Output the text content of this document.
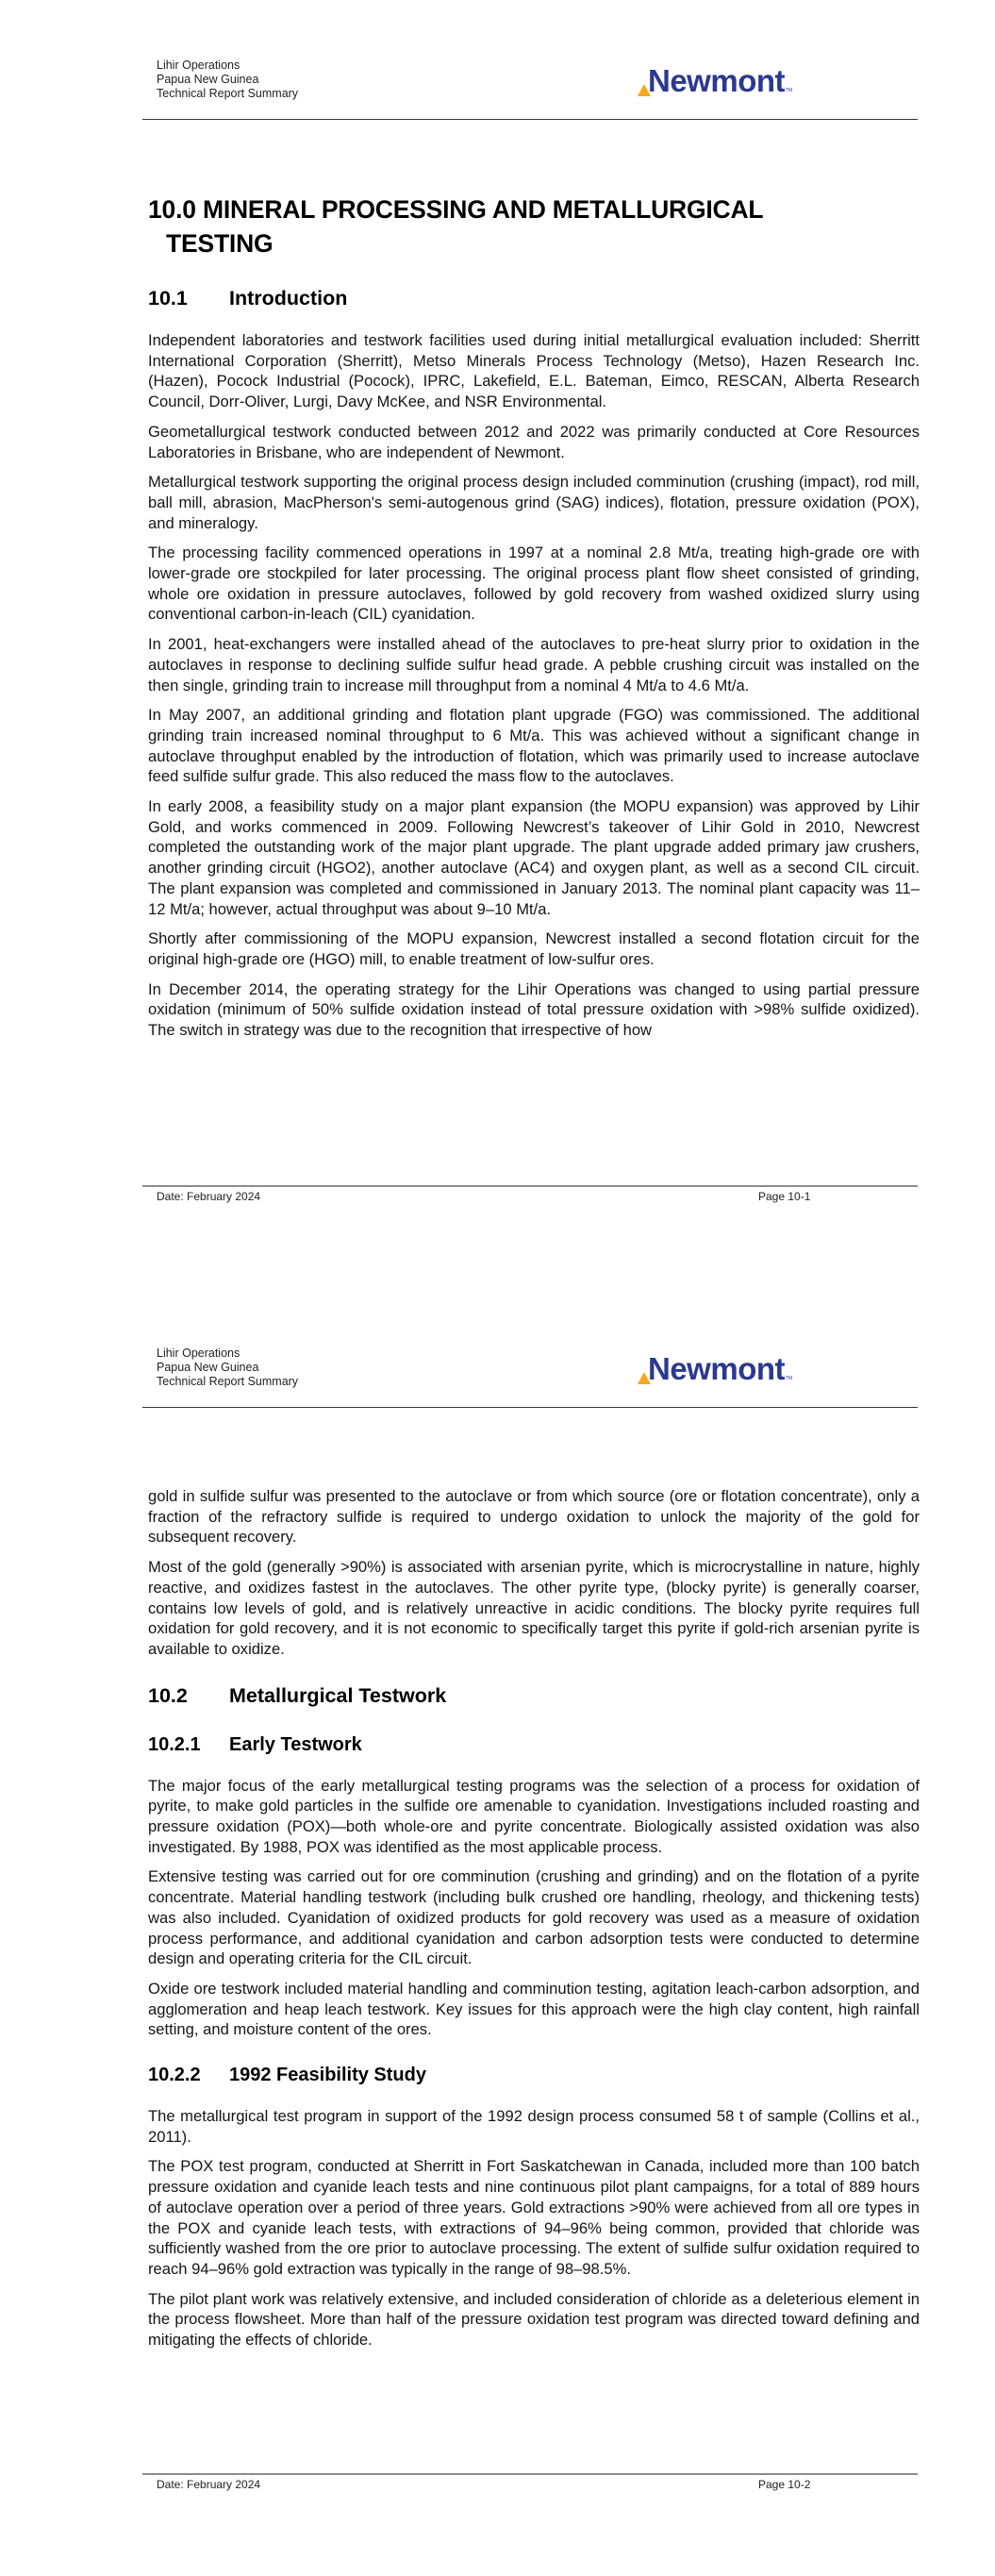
Lihir Operations
Papua New Guinea
Technical Report Summary	Newmont TM
10.0 MINERAL PROCESSING AND METALLURGICAL
TESTING
10.1 Introduction

Independent laboratories and testwork facilities used during initial metallurgical evaluation included: Sherritt International Corporation (Sherritt), Metso Minerals Process Technology (Metso), Hazen Research Inc. (Hazen), Pocock Industrial (Pocock), IPRC, Lakefield, E.L. Bateman, Eimco, RESCAN, Alberta Research Council, Dorr-Oliver, Lurgi, Davy McKee, and NSR Environmental.

Geometallurgical testwork conducted between 2012 and 2022 was primarily conducted at Core Resources Laboratories in Brisbane, who are independent of Newmont.

Metallurgical testwork supporting the original process design included comminution (crushing (impact), rod mill, ball mill, abrasion, MacPherson's semi-autogenous grind (SAG) indices), flotation, pressure oxidation (POX), and mineralogy.

The processing facility commenced operations in 1997 at a nominal 2.8 Mt/a, treating high-grade ore with lower-grade ore stockpiled for later processing. The original process plant flow sheet consisted of grinding, whole ore oxidation in pressure autoclaves, followed by gold recovery from washed oxidized slurry using conventional carbon-in-leach (CIL) cyanidation.

In 2001, heat-exchangers were installed ahead of the autoclaves to pre-heat slurry prior to oxidation in the autoclaves in response to declining sulfide sulfur head grade. A pebble crushing circuit was installed on the then single, grinding train to increase mill throughput from a nominal 4 Mt/a to 4.6 Mt/a.

In May 2007, an additional grinding and flotation plant upgrade (FGO) was commissioned. The additional grinding train increased nominal throughput to 6 Mt/a. This was achieved without a significant change in autoclave throughput enabled by the introduction of flotation, which was primarily used to increase autoclave feed sulfide sulfur grade. This also reduced the mass flow to the autoclaves.

In early 2008, a feasibility study on a major plant expansion (the MOPU expansion) was approved by Lihir Gold, and works commenced in 2009. Following Newcrest’s takeover of Lihir Gold in 2010, Newcrest completed the outstanding work of the major plant upgrade. The plant upgrade added primary jaw crushers, another grinding circuit (HGO2), another autoclave (AC4) and oxygen plant, as well as a second CIL circuit. The plant expansion was completed and commissioned in January 2013. The nominal plant capacity was 11–12 Mt/a; however, actual throughput was about 9–10 Mt/a.

Shortly after commissioning of the MOPU expansion, Newcrest installed a second flotation circuit for the original high-grade ore (HGO) mill, to enable treatment of low-sulfur ores.

In December 2014, the operating strategy for the Lihir Operations was changed to using partial pressure oxidation (minimum of 50% sulfide oxidation instead of total pressure oxidation with >98% sulfide oxidized). The switch in strategy was due to the recognition that irrespective of how

Date: February 2024	Page 10-1
Lihir Operations
Papua New Guinea
Technical Report Summary	Newmont TM

gold in sulfide sulfur was presented to the autoclave or from which source (ore or flotation concentrate), only a fraction of the refractory sulfide is required to undergo oxidation to unlock the majority of the gold for subsequent recovery.

Most of the gold (generally >90%) is associated with arsenian pyrite, which is microcrystalline in nature, highly reactive, and oxidizes fastest in the autoclaves. The other pyrite type, (blocky pyrite) is generally coarser, contains low levels of gold, and is relatively unreactive in acidic conditions. The blocky pyrite requires full oxidation for gold recovery, and it is not economic to specifically target this pyrite if gold-rich arsenian pyrite is available to oxidize.

10.2 Metallurgical Testwork
10.2.1 Early Testwork

The major focus of the early metallurgical testing programs was the selection of a process for oxidation of pyrite, to make gold particles in the sulfide ore amenable to cyanidation. Investigations included roasting and pressure oxidation (POX)—both whole-ore and pyrite concentrate. Biologically assisted oxidation was also investigated. By 1988, POX was identified as the most applicable process.

Extensive testing was carried out for ore comminution (crushing and grinding) and on the flotation of a pyrite concentrate. Material handling testwork (including bulk crushed ore handling, rheology, and thickening tests) was also included. Cyanidation of oxidized products for gold recovery was used as a measure of oxidation process performance, and additional cyanidation and carbon adsorption tests were conducted to determine design and operating criteria for the CIL circuit.

Oxide ore testwork included material handling and comminution testing, agitation leach-carbon adsorption, and agglomeration and heap leach testwork. Key issues for this approach were the high clay content, high rainfall setting, and moisture content of the ores.

10.2.2 1992 Feasibility Study

The metallurgical test program in support of the 1992 design process consumed 58 t of sample (Collins et al., 2011).

The POX test program, conducted at Sherritt in Fort Saskatchewan in Canada, included more than 100 batch pressure oxidation and cyanide leach tests and nine continuous pilot plant campaigns, for a total of 889 hours of autoclave operation over a period of three years. Gold extractions >90% were achieved from all ore types in the POX and cyanide leach tests, with extractions of 94–96% being common, provided that chloride was sufficiently washed from the ore prior to autoclave processing. The extent of sulfide sulfur oxidation required to reach 94–96% gold extraction was typically in the range of 98–98.5%.

The pilot plant work was relatively extensive, and included consideration of chloride as a deleterious element in the process flowsheet. More than half of the pressure oxidation test program was directed toward defining and mitigating the effects of chloride.

Date: February 2024	Page 10-2
